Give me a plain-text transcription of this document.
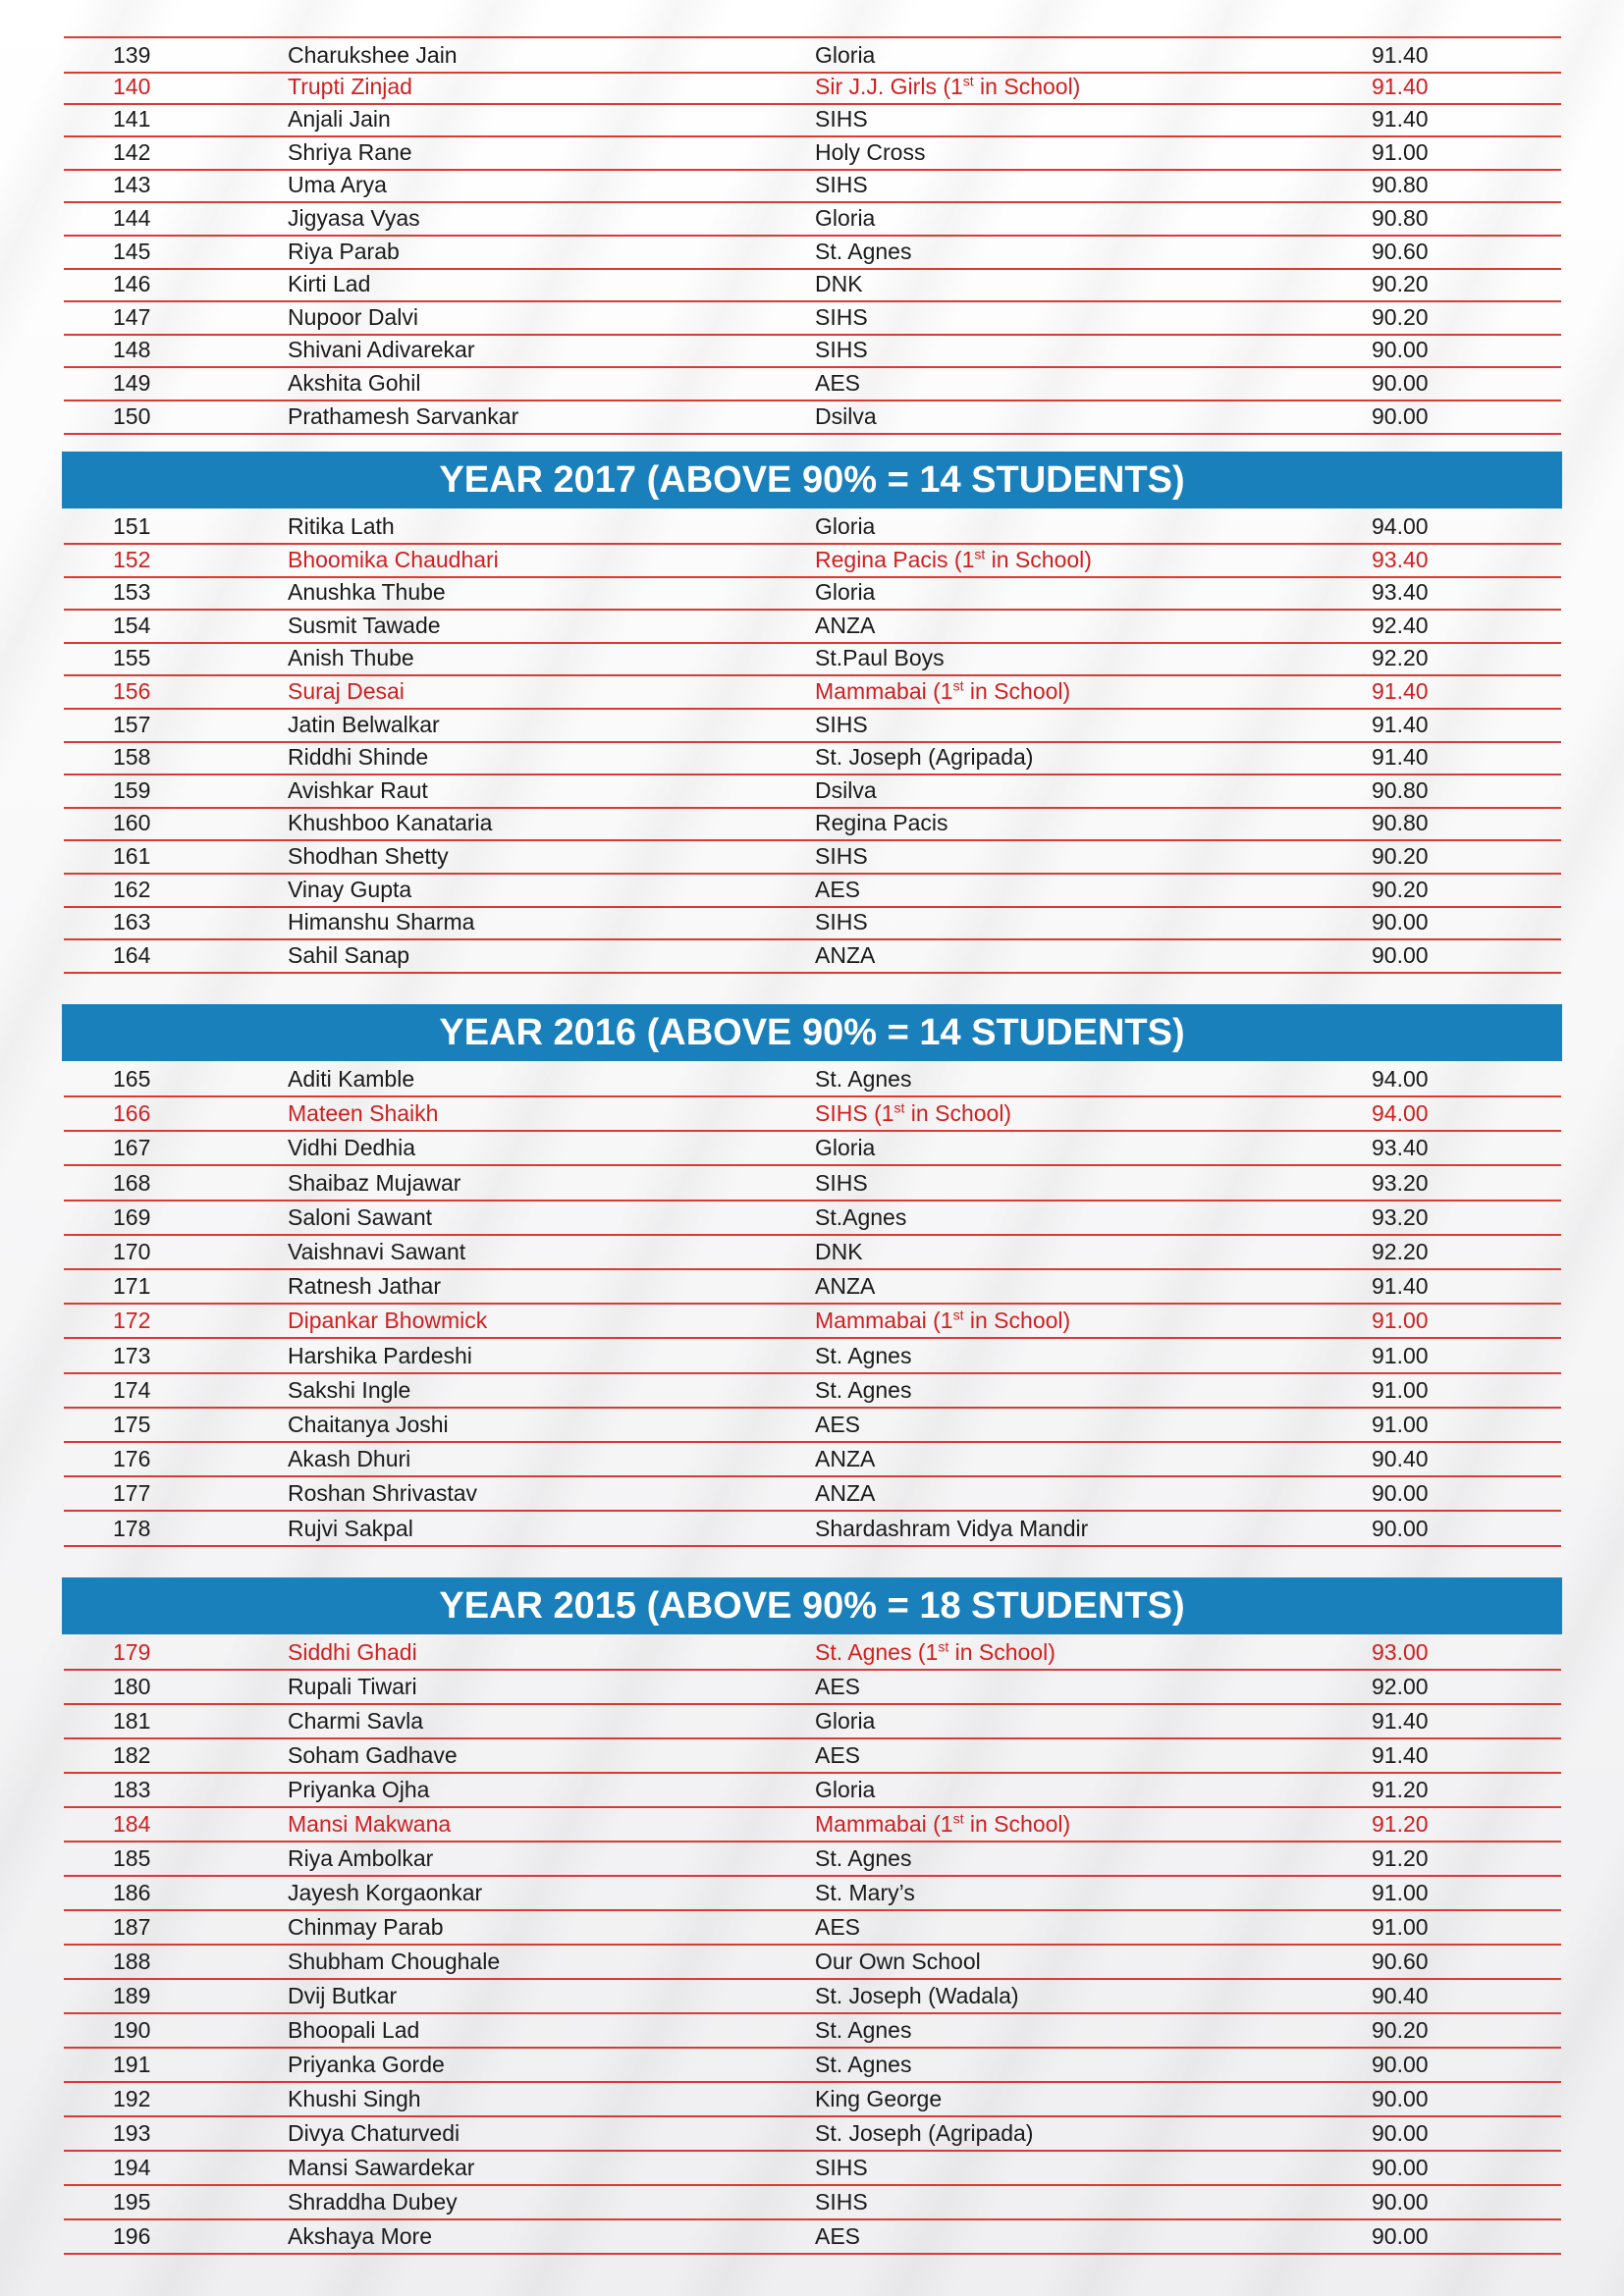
139	Charukshee Jain	Gloria	91.40
140	Trupti Zinjad	Sir J.J. Girls (1st in School)	91.40
141	Anjali Jain	SIHS	91.40
142	Shriya Rane	Holy Cross	91.00
143	Uma Arya	SIHS	90.80
144	Jigyasa Vyas	Gloria	90.80
145	Riya Parab	St. Agnes	90.60
146	Kirti Lad	DNK	90.20
147	Nupoor Dalvi	SIHS	90.20
148	Shivani Adivarekar	SIHS	90.00
149	Akshita Gohil	AES	90.00
150	Prathamesh Sarvankar	Dsilva	90.00
YEAR 2017 (ABOVE 90% = 14 STUDENTS)
151	Ritika Lath	Gloria	94.00
152	Bhoomika Chaudhari	Regina Pacis (1st in School)	93.40
153	Anushka Thube	Gloria	93.40
154	Susmit Tawade	ANZA	92.40
155	Anish Thube	St.Paul Boys	92.20
156	Suraj Desai	Mammabai (1st in School)	91.40
157	Jatin Belwalkar	SIHS	91.40
158	Riddhi Shinde	St. Joseph (Agripada)	91.40
159	Avishkar Raut	Dsilva	90.80
160	Khushboo Kanataria	Regina Pacis	90.80
161	Shodhan Shetty	SIHS	90.20
162	Vinay Gupta	AES	90.20
163	Himanshu Sharma	SIHS	90.00
164	Sahil Sanap	ANZA	90.00
YEAR 2016 (ABOVE 90% = 14 STUDENTS)
165	Aditi Kamble	St. Agnes	94.00
166	Mateen Shaikh	SIHS (1st in School)	94.00
167	Vidhi Dedhia	Gloria	93.40
168	Shaibaz Mujawar	SIHS	93.20
169	Saloni Sawant	St.Agnes	93.20
170	Vaishnavi Sawant	DNK	92.20
171	Ratnesh Jathar	ANZA	91.40
172	Dipankar Bhowmick	Mammabai (1st in School)	91.00
173	Harshika Pardeshi	St. Agnes	91.00
174	Sakshi Ingle	St. Agnes	91.00
175	Chaitanya Joshi	AES	91.00
176	Akash Dhuri	ANZA	90.40
177	Roshan Shrivastav	ANZA	90.00
178	Rujvi Sakpal	Shardashram Vidya Mandir	90.00
YEAR 2015 (ABOVE 90% = 18 STUDENTS)
179	Siddhi Ghadi	St. Agnes (1st in School)	93.00
180	Rupali Tiwari	AES	92.00
181	Charmi Savla	Gloria	91.40
182	Soham Gadhave	AES	91.40
183	Priyanka Ojha	Gloria	91.20
184	Mansi Makwana	Mammabai (1st in School)	91.20
185	Riya Ambolkar	St. Agnes	91.20
186	Jayesh Korgaonkar	St. Mary’s	91.00
187	Chinmay Parab	AES	91.00
188	Shubham Choughale	Our Own School	90.60
189	Dvij Butkar	St. Joseph (Wadala)	90.40
190	Bhoopali Lad	St. Agnes	90.20
191	Priyanka Gorde	St. Agnes	90.00
192	Khushi Singh	King George	90.00
193	Divya Chaturvedi	St. Joseph (Agripada)	90.00
194	Mansi Sawardekar	SIHS	90.00
195	Shraddha Dubey	SIHS	90.00
196	Akshaya More	AES	90.00
